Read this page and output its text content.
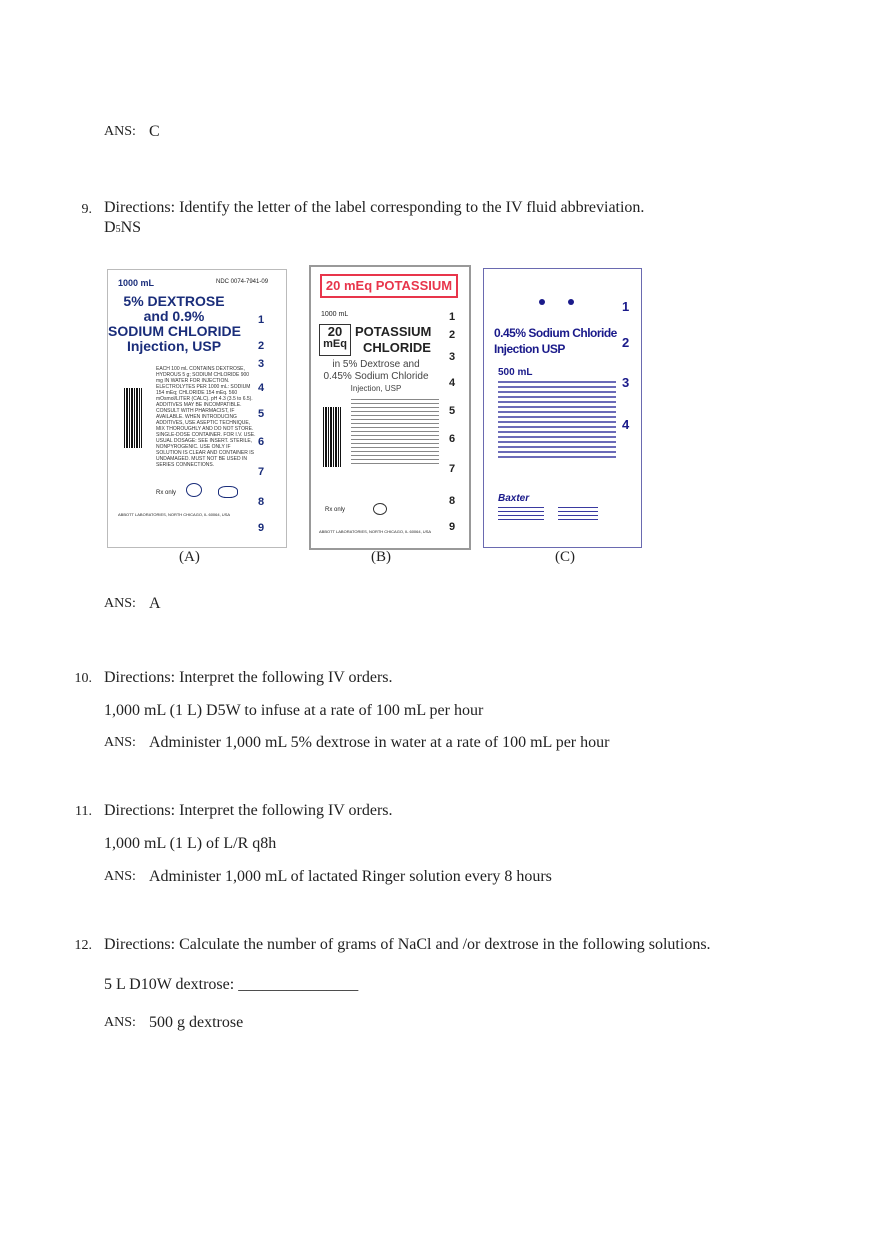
ANS: C
9. Directions: Identify the letter of the label corresponding to the IV fluid abbreviation.
D5NS
1000 mL	NDC 0074-7941-09
5% DEXTROSE
and 0.9%
SODIUM CHLORIDE
Injection, USP
EACH 100 mL CONTAINS DEXTROSE, HYDROUS 5 g; SODIUM CHLORIDE 900 mg IN WATER FOR INJECTION. ELECTROLYTES PER 1000 mL: SODIUM 154 mEq; CHLORIDE 154 mEq. 560 mOsmol/LITER (CALC). pH 4.3 (3.5 to 6.5). ADDITIVES MAY BE INCOMPATIBLE. CONSULT WITH PHARMACIST, IF AVAILABLE. WHEN INTRODUCING ADDITIVES, USE ASEPTIC TECHNIQUE, MIX THOROUGHLY AND DO NOT STORE. SINGLE-DOSE CONTAINER. FOR I.V. USE. USUAL DOSAGE: SEE INSERT. STERILE, NONPYROGENIC. USE ONLY IF SOLUTION IS CLEAR AND CONTAINER IS UNDAMAGED. MUST NOT BE USED IN SERIES CONNECTIONS.
Rx only
ABBOTT LABORATORIES, NORTH CHICAGO, IL 60064, USA
1
2
3
4
5
6
7
8
9
(A)
20 mEq POTASSIUM
1000 mL
20
mEq
POTASSIUM
CHLORIDE
in 5% Dextrose and
0.45% Sodium Chloride
Injection, USP
Rx only
ABBOTT LABORATORIES, NORTH CHICAGO, IL 60064, USA
1
2
3
4
5
6
7
8
9
(B)
0.45% Sodium Chloride
Injection USP
500 mL
Baxter
1
2
3
4
(C)
ANS: A
10. Directions: Interpret the following IV orders.
1,000 mL (1 L) D5W to infuse at a rate of 100 mL per hour
ANS: Administer 1,000 mL 5% dextrose in water at a rate of 100 mL per hour
11. Directions: Interpret the following IV orders.
1,000 mL (1 L) of L/R q8h
ANS: Administer 1,000 mL of lactated Ringer solution every 8 hours
12. Directions: Calculate the number of grams of NaCl and /or dextrose in the following solutions.
5 L D10W dextrose: _______________
ANS: 500 g dextrose
